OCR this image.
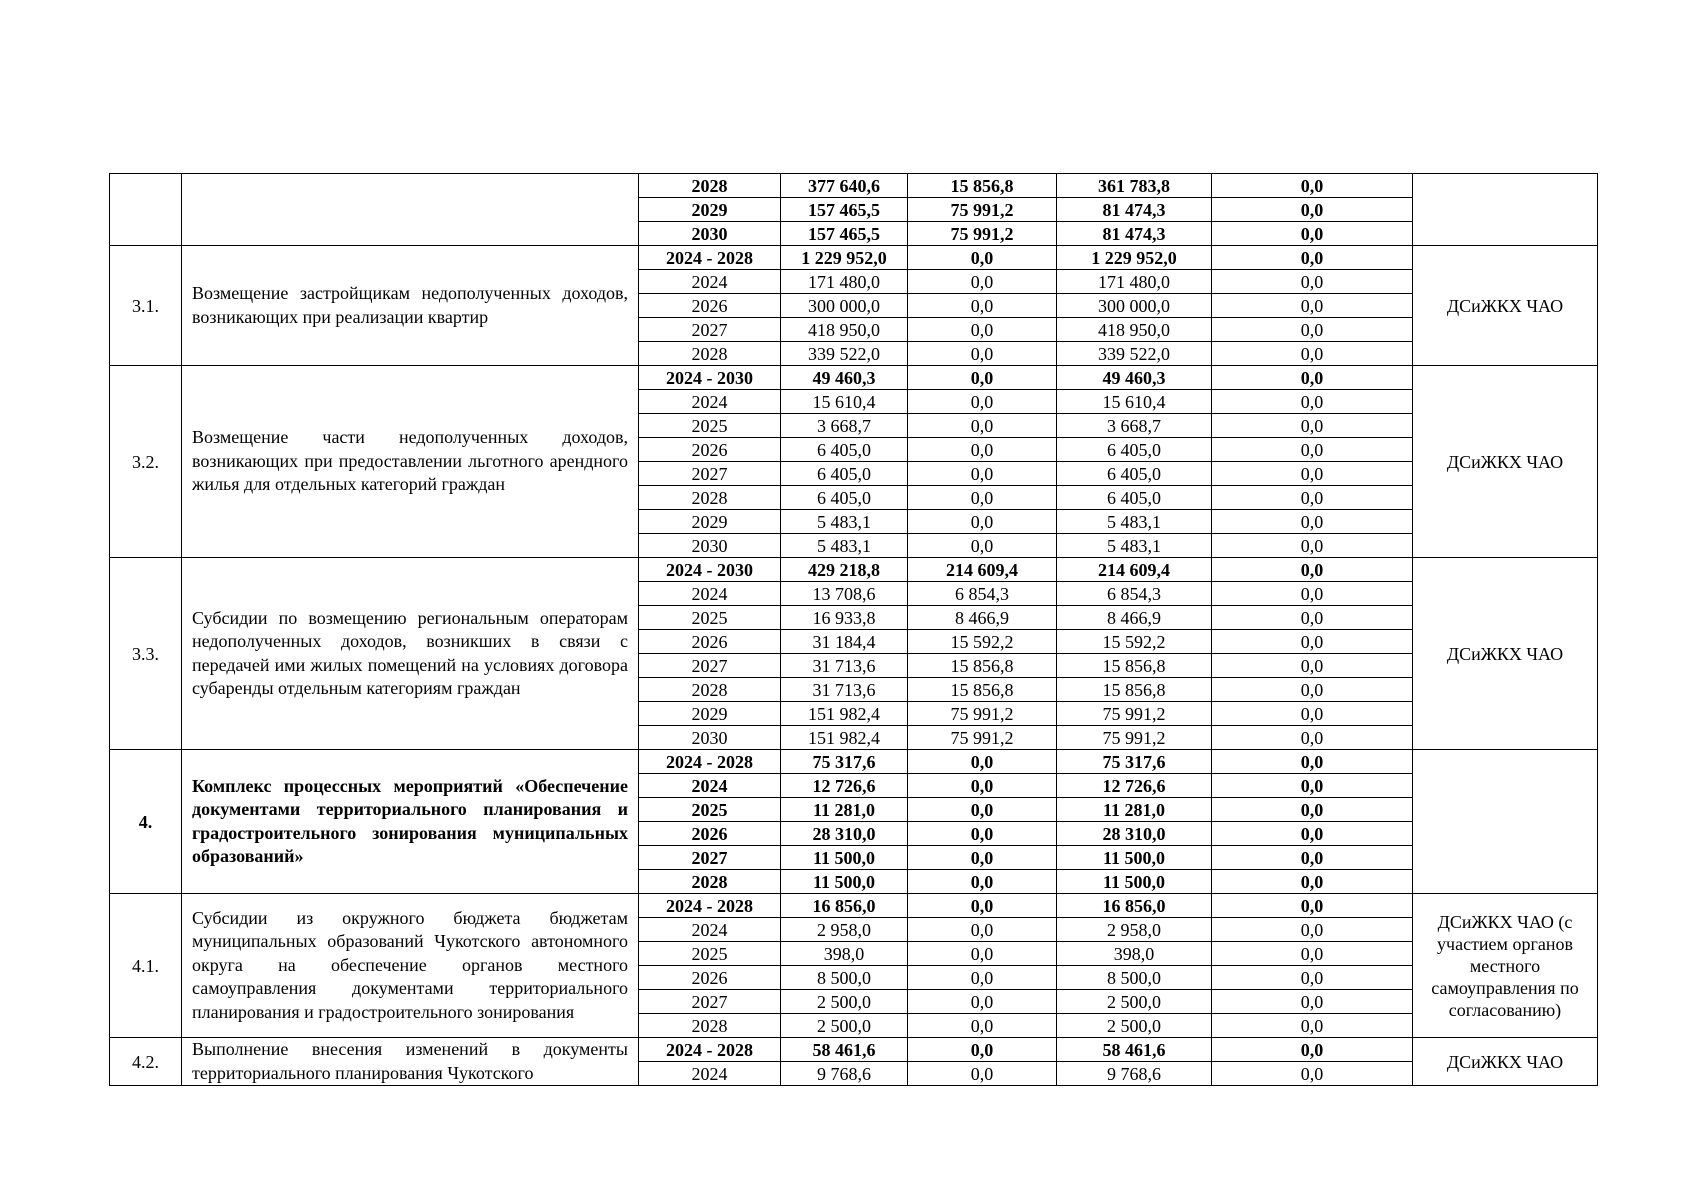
		2028	377 640,6	15 856,8	361 783,8	0,0	
		2029	157 465,5	75 991,2	81 474,3	0,0	
		2030	157 465,5	75 991,2	81 474,3	0,0	
3.1.	Возмещение застройщикам недополученных доходов, возникающих при реализации квартир	2024 - 2028	1 229 952,0	0,0	1 229 952,0	0,0	ДСиЖКХ ЧАО
		2024	171 480,0	0,0	171 480,0	0,0	
		2026	300 000,0	0,0	300 000,0	0,0	
		2027	418 950,0	0,0	418 950,0	0,0	
		2028	339 522,0	0,0	339 522,0	0,0	
3.2.	Возмещение части недополученных доходов, возникающих при предоставлении льготного арендного жилья для отдельных категорий граждан	2024 - 2030	49 460,3	0,0	49 460,3	0,0	ДСиЖКХ ЧАО
		2024	15 610,4	0,0	15 610,4	0,0	
		2025	3 668,7	0,0	3 668,7	0,0	
		2026	6 405,0	0,0	6 405,0	0,0	
		2027	6 405,0	0,0	6 405,0	0,0	
		2028	6 405,0	0,0	6 405,0	0,0	
		2029	5 483,1	0,0	5 483,1	0,0	
		2030	5 483,1	0,0	5 483,1	0,0	
3.3.	Субсидии по возмещению региональным операторам недополученных доходов, возникших в связи с передачей ими жилых помещений на условиях договора субаренды отдельным категориям граждан	2024 - 2030	429 218,8	214 609,4	214 609,4	0,0	ДСиЖКХ ЧАО
		2024	13 708,6	6 854,3	6 854,3	0,0	
		2025	16 933,8	8 466,9	8 466,9	0,0	
		2026	31 184,4	15 592,2	15 592,2	0,0	
		2027	31 713,6	15 856,8	15 856,8	0,0	
		2028	31 713,6	15 856,8	15 856,8	0,0	
		2029	151 982,4	75 991,2	75 991,2	0,0	
		2030	151 982,4	75 991,2	75 991,2	0,0	
4.	Комплекс процессных мероприятий «Обеспечение документами территориального планирования и градостроительного зонирования муниципальных образований»	2024 - 2028	75 317,6	0,0	75 317,6	0,0	
		2024	12 726,6	0,0	12 726,6	0,0	
		2025	11 281,0	0,0	11 281,0	0,0	
		2026	28 310,0	0,0	28 310,0	0,0	
		2027	11 500,0	0,0	11 500,0	0,0	
		2028	11 500,0	0,0	11 500,0	0,0	
4.1.	Субсидии из окружного бюджета бюджетам муниципальных образований Чукотского автономного округа на обеспечение органов местного самоуправления документами территориального планирования и градостроительного зонирования	2024 - 2028	16 856,0	0,0	16 856,0	0,0	ДСиЖКХ ЧАО (с участием органов местного самоуправления по согласованию)
		2024	2 958,0	0,0	2 958,0	0,0	
		2025	398,0	0,0	398,0	0,0	
		2026	8 500,0	0,0	8 500,0	0,0	
		2027	2 500,0	0,0	2 500,0	0,0	
		2028	2 500,0	0,0	2 500,0	0,0	
4.2.	Выполнение внесения изменений в документы территориального планирования Чукотского	2024 - 2028	58 461,6	0,0	58 461,6	0,0	ДСиЖКХ ЧАО
		2024	9 768,6	0,0	9 768,6	0,0	
